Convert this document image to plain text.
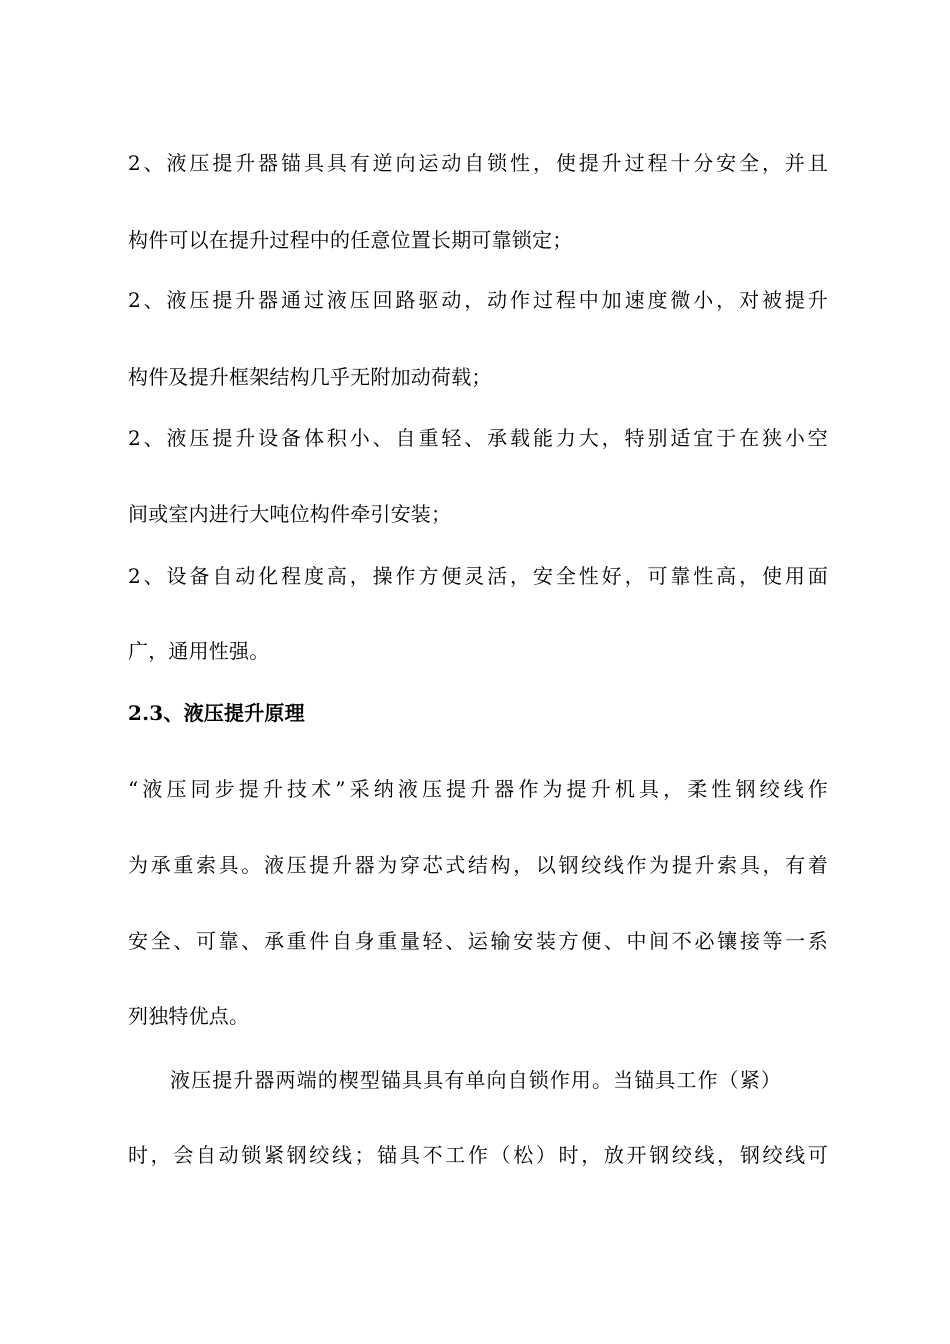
2、液压提升器锚具具有逆向运动自锁性，使提升过程十分安全，并且
构件可以在提升过程中的任意位置长期可靠锁定；
2、液压提升器通过液压回路驱动，动作过程中加速度微小，对被提升
构件及提升框架结构几乎无附加动荷载；
2、液压提升设备体积小、自重轻、承载能力大，特别适宜于在狭小空
间或室内进行大吨位构件牵引安装；
2、设备自动化程度高，操作方便灵活，安全性好，可靠性高，使用面
广，通用性强。
2.3、液压提升原理
“液压同步提升技术”采纳液压提升器作为提升机具，柔性钢绞线作
为承重索具。液压提升器为穿芯式结构，以钢绞线作为提升索具，有着
安全、可靠、承重件自身重量轻、运输安装方便、中间不必镶接等一系
列独特优点。
液压提升器两端的楔型锚具具有单向自锁作用。当锚具工作（紧）
时，会自动锁紧钢绞线；锚具不工作（松）时，放开钢绞线，钢绞线可
